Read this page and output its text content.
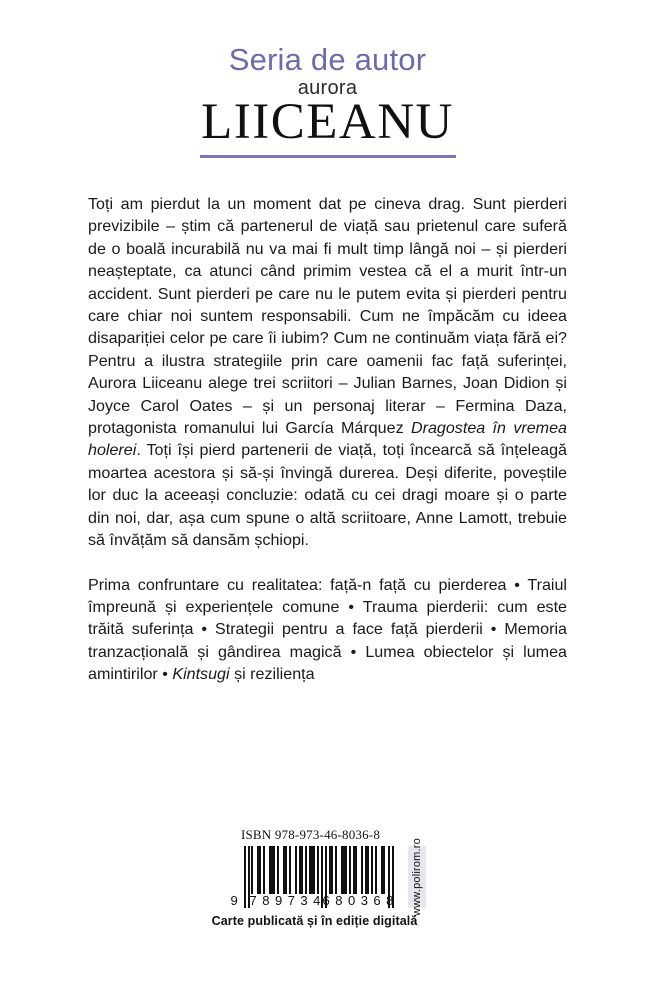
Seria de autor
aurora
LIICEANU

Toți am pierdut la un moment dat pe cineva drag. Sunt pierderi previzibile – știm că partenerul de viață sau prietenul care suferă de o boală incurabilă nu va mai fi mult timp lângă noi – și pierderi neașteptate, ca atunci când primim vestea că el a murit într-un accident. Sunt pierderi pe care nu le putem evita și pierderi pentru care chiar noi suntem responsabili. Cum ne împăcăm cu ideea disapariției celor pe care îi iubim? Cum ne continuăm viața fără ei? Pentru a ilustra strategiile prin care oamenii fac față suferinței, Aurora Liiceanu alege trei scriitori – Julian Barnes, Joan Didion și Joyce Carol Oates – și un personaj literar – Fermina Daza, protagonista romanului lui García Márquez Dragostea în vremea holerei. Toți își pierd partenerii de viață, toți încearcă să înțeleagă moartea acestora și să-și învingă durerea. Deși diferite, poveștile lor duc la aceeași concluzie: odată cu cei dragi moare și o parte din noi, dar, așa cum spune o altă scriitoare, Anne Lamott, trebuie să învățăm să dansăm șchiopi.

Prima confruntare cu realitatea: față-n față cu pierderea • Traiul împreună și experiențele comune • Trauma pierderii: cum este trăită suferința • Strategii pentru a face față pierderii • Memoria tranzacțională și gândirea magică • Lumea obiectelor și lumea amintirilor • Kintsugi și reziliența

ISBN 978-973-46-8036-8
9 789734
680368 www.polirom.ro
Carte publicată și în ediție digitală
